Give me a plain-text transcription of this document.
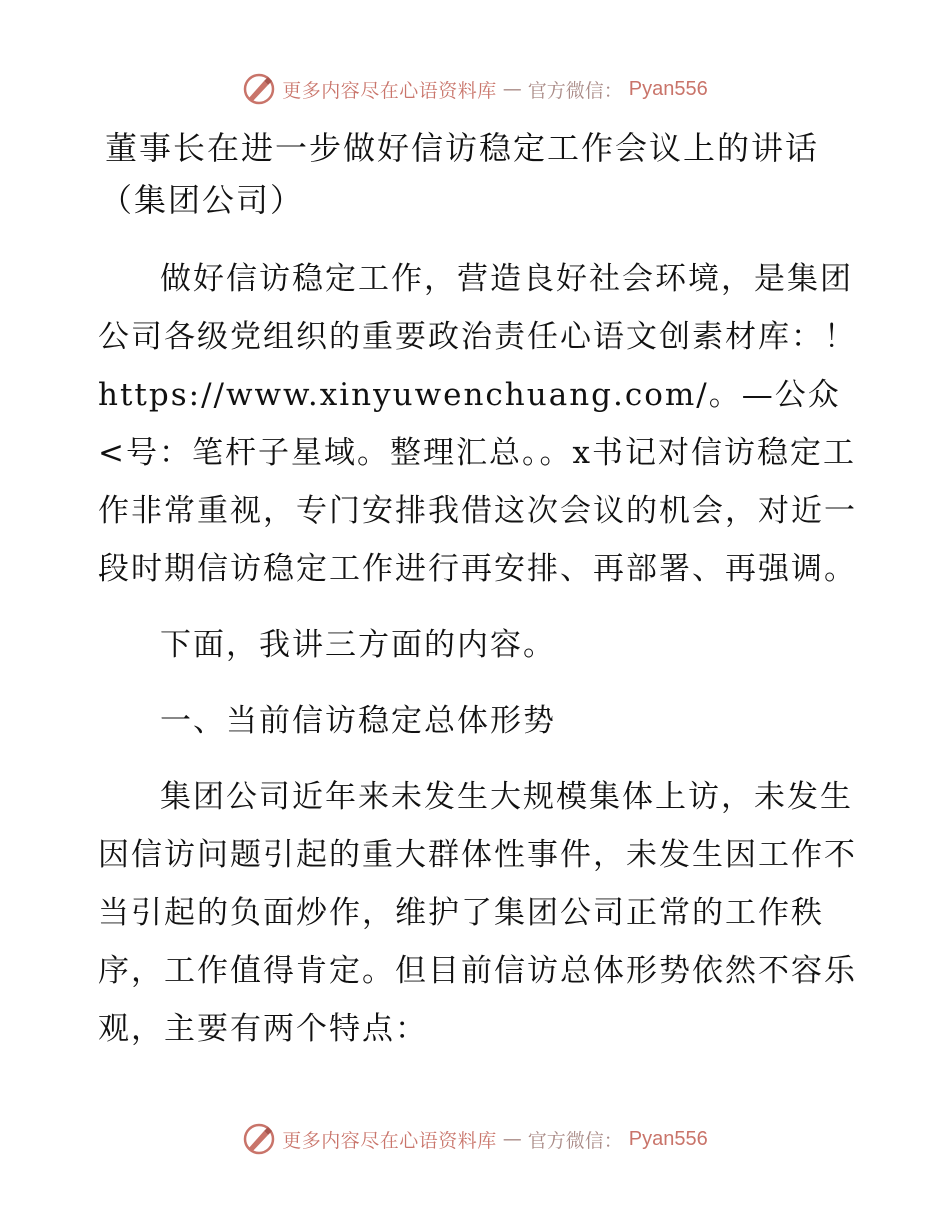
更多内容尽在心语资料库 — 官方微信： Pyan556
董事长在进一步做好信访稳定工作会议上的讲话
（集团公司）

做好信访稳定工作，营造良好社会环境，是集团公司各级党组织的重要政治责任心语文创素材库：！https://www.xinyuwenchuang.com/。—公众<号：笔杆子星域。整理汇总。。x书记对信访稳定工作非常重视，专门安排我借这次会议的机会，对近一段时期信访稳定工作进行再安排、再部署、再强调。

下面，我讲三方面的内容。

一、当前信访稳定总体形势

集团公司近年来未发生大规模集体上访，未发生因信访问题引起的重大群体性事件，未发生因工作不当引起的负面炒作，维护了集团公司正常的工作秩序，工作值得肯定。但目前信访总体形势依然不容乐观，主要有两个特点：

更多内容尽在心语资料库 — 官方微信： Pyan556
